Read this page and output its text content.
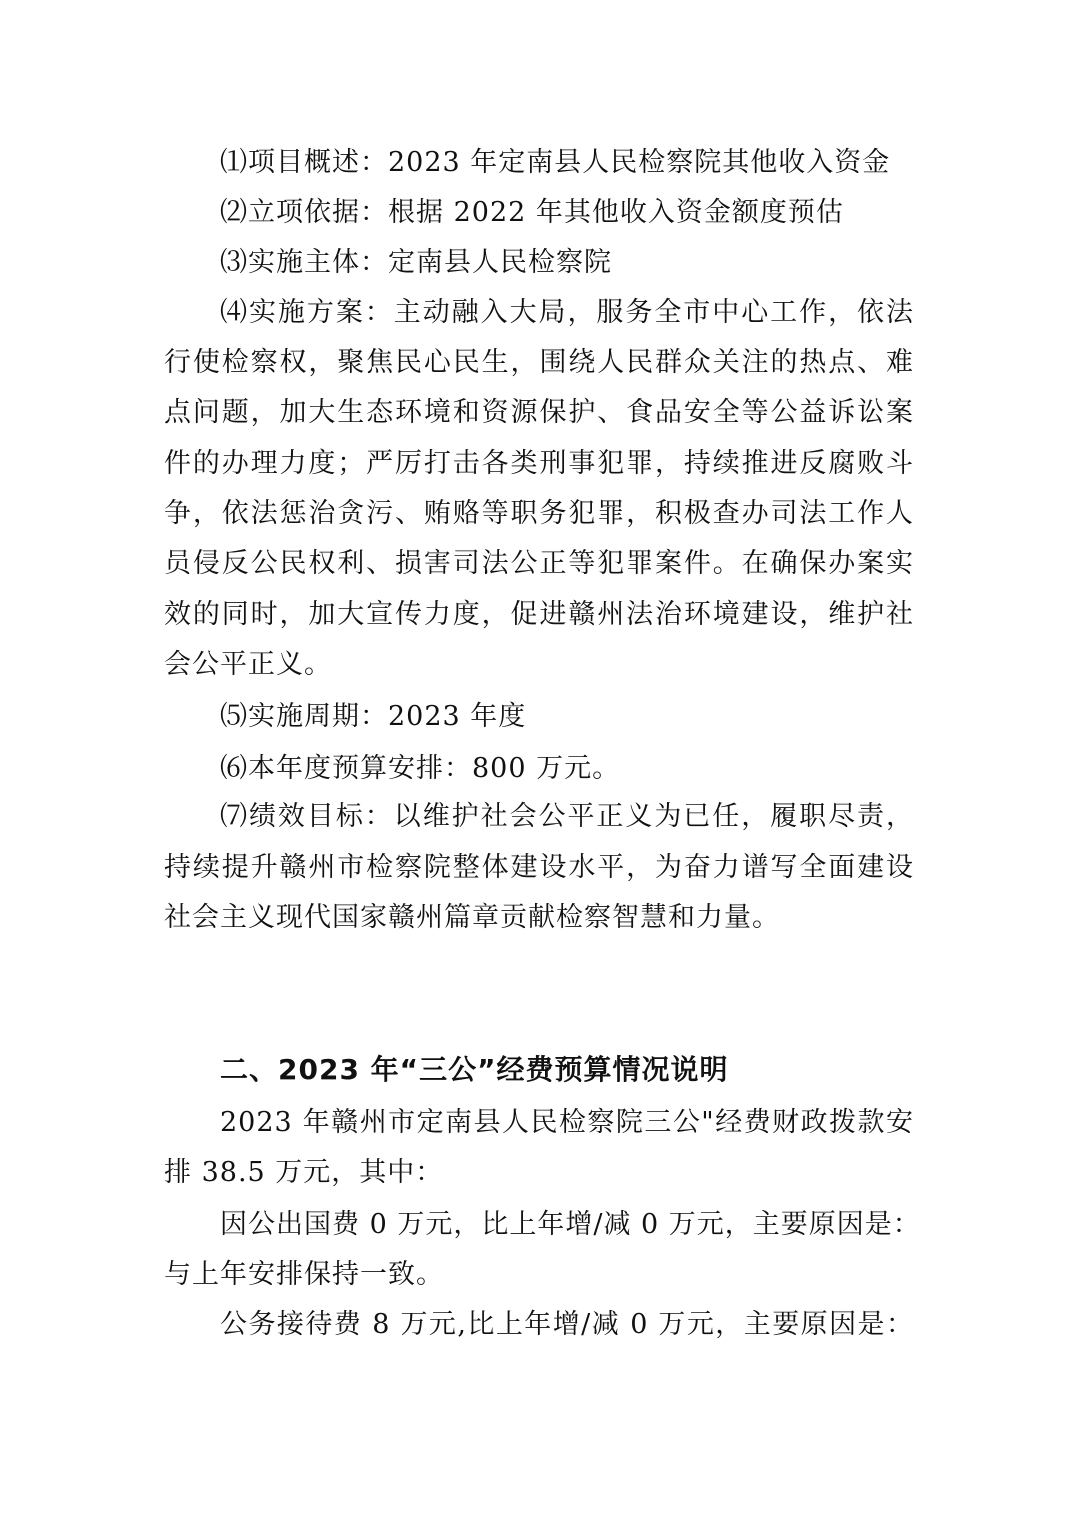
⑴项目概述：2023 年定南县人民检察院其他收入资金
⑵立项依据：根据 2022 年其他收入资金额度预估
⑶实施主体：定南县人民检察院
⑷实施方案：主动融入大局，服务全市中心工作，依法
行使检察权，聚焦民心民生，围绕人民群众关注的热点、难
点问题，加大生态环境和资源保护、食品安全等公益诉讼案
件的办理力度；严厉打击各类刑事犯罪，持续推进反腐败斗
争，依法惩治贪污、贿赂等职务犯罪，积极查办司法工作人
员侵反公民权利、损害司法公正等犯罪案件。在确保办案实
效的同时，加大宣传力度，促进赣州法治环境建设，维护社
会公平正义。
⑸实施周期：2023 年度
⑹本年度预算安排：800 万元。
⑺绩效目标：以维护社会公平正义为已任，履职尽责，
持续提升赣州市检察院整体建设水平，为奋力谱写全面建设
社会主义现代国家赣州篇章贡献检察智慧和力量。
二、2023 年“三公”经费预算情况说明
2023 年赣州市定南县人民检察院三公"经费财政拨款安
排 38.5 万元，其中：
因公出国费 0 万元，比上年增/减 0 万元，主要原因是：
与上年安排保持一致。
公务接待费 8 万元,比上年增/减 0 万元，主要原因是：
